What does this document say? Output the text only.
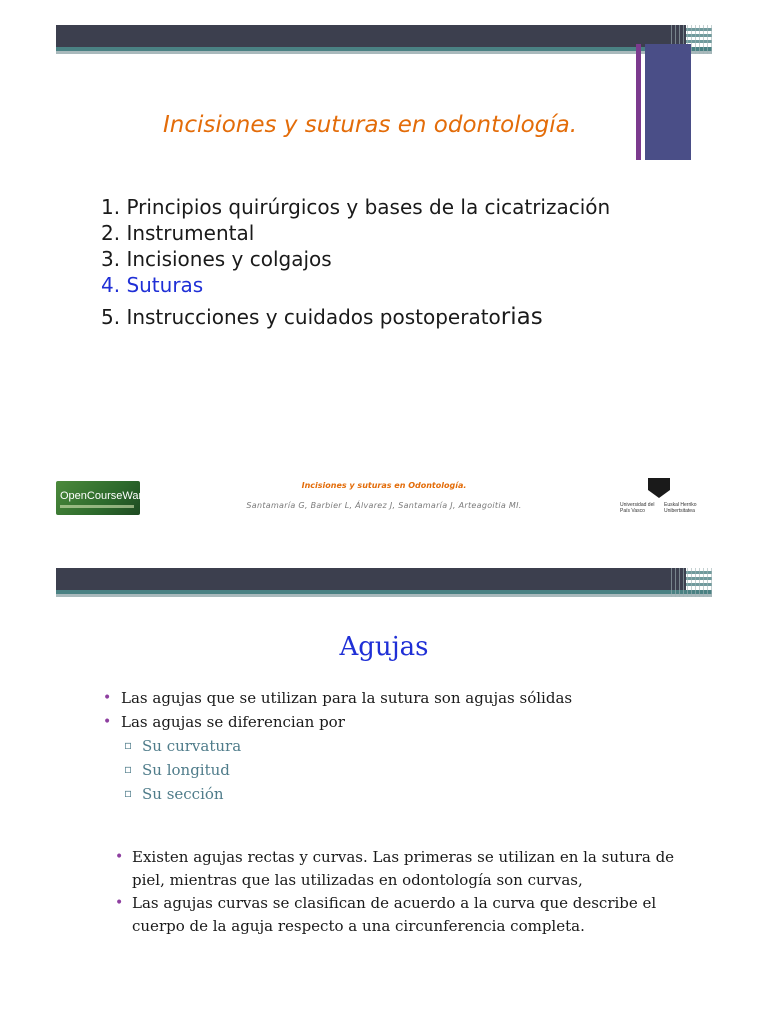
Incisiones y suturas en odontología.
1. Principios quirúrgicos y bases de la cicatrización
2. Instrumental
3. Incisiones y colgajos
4. Suturas
5. Instrucciones y cuidados postoperatorias
OpenCourseWare
Incisiones y suturas en Odontología.
Santamaría G, Barbier L, Álvarez J, Santamaría J, Arteagoitia MI.	Universidad del País Vasco
Euskal Herriko Unibertsitatea
Agujas
• Las agujas que se utilizan para la sutura son agujas sólidas
• Las agujas se diferencian por
▫ Su curvatura
▫ Su longitud
▫ Su sección
• Existen agujas rectas y curvas. Las primeras se utilizan en la sutura de piel, mientras que las utilizadas en odontología son curvas,
• Las agujas curvas se clasifican de acuerdo a la curva que describe el cuerpo de la aguja respecto a una circunferencia completa.
